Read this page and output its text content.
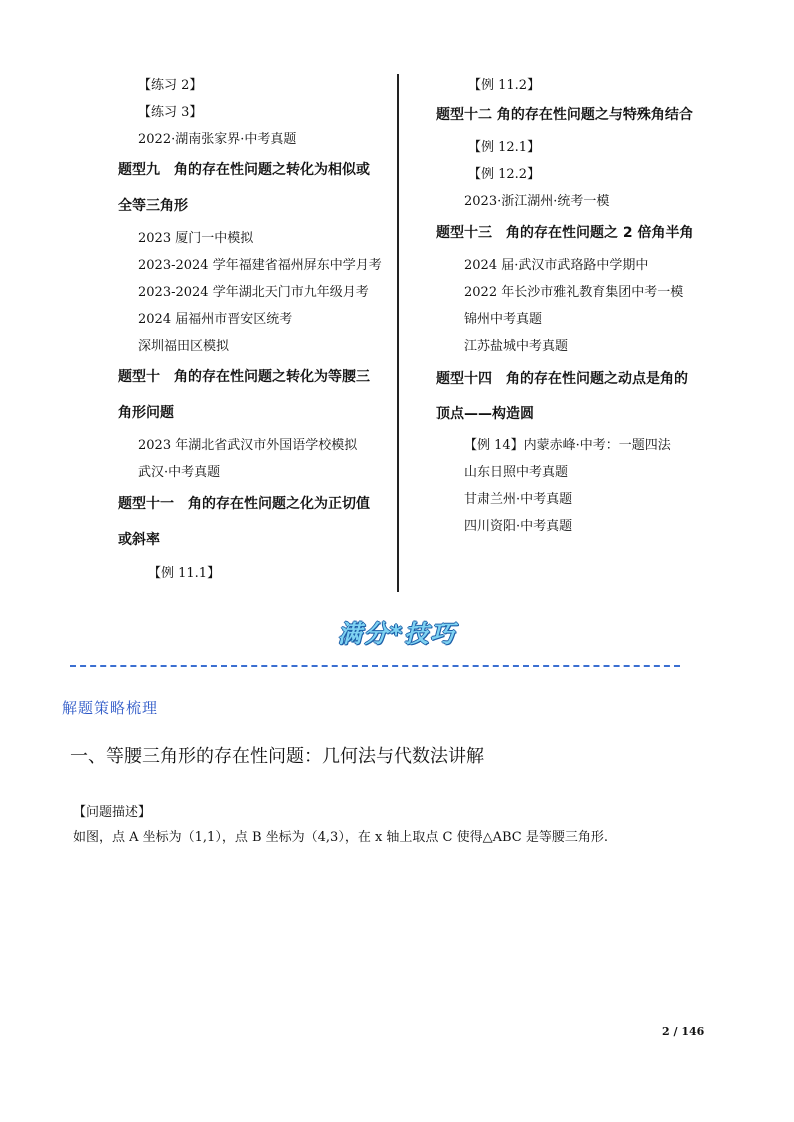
【练习 2】
【练习 3】
2022·湖南张家界·中考真题
题型九　角的存在性问题之转化为相似或
全等三角形
2023 厦门一中模拟
2023-2024 学年福建省福州屏东中学月考
2023-2024 学年湖北天门市九年级月考
2024 届福州市晋安区统考
深圳福田区模拟
题型十　角的存在性问题之转化为等腰三
角形问题
2023 年湖北省武汉市外国语学校模拟
武汉·中考真题
题型十一　角的存在性问题之化为正切值
或斜率
【例 11.1】
【例 11.2】
题型十二 角的存在性问题之与特殊角结合
【例 12.1】
【例 12.2】
2023·浙江湖州·统考一模
题型十三　角的存在性问题之 2 倍角半角
2024 届·武汉市武珞路中学期中
2022 年长沙市雅礼教育集团中考一模
锦州中考真题
江苏盐城中考真题
题型十四　角的存在性问题之动点是角的
顶点——构造圆
【例 14】内蒙赤峰·中考：一题四法
山东日照中考真题
甘肃兰州·中考真题
四川资阳·中考真题
满分*技巧
解题策略梳理
一、等腰三角形的存在性问题：几何法与代数法讲解
【问题描述】
如图，点 A 坐标为（1,1），点 B 坐标为（4,3），在 x 轴上取点 C 使得△ABC 是等腰三角形.
2 / 146
